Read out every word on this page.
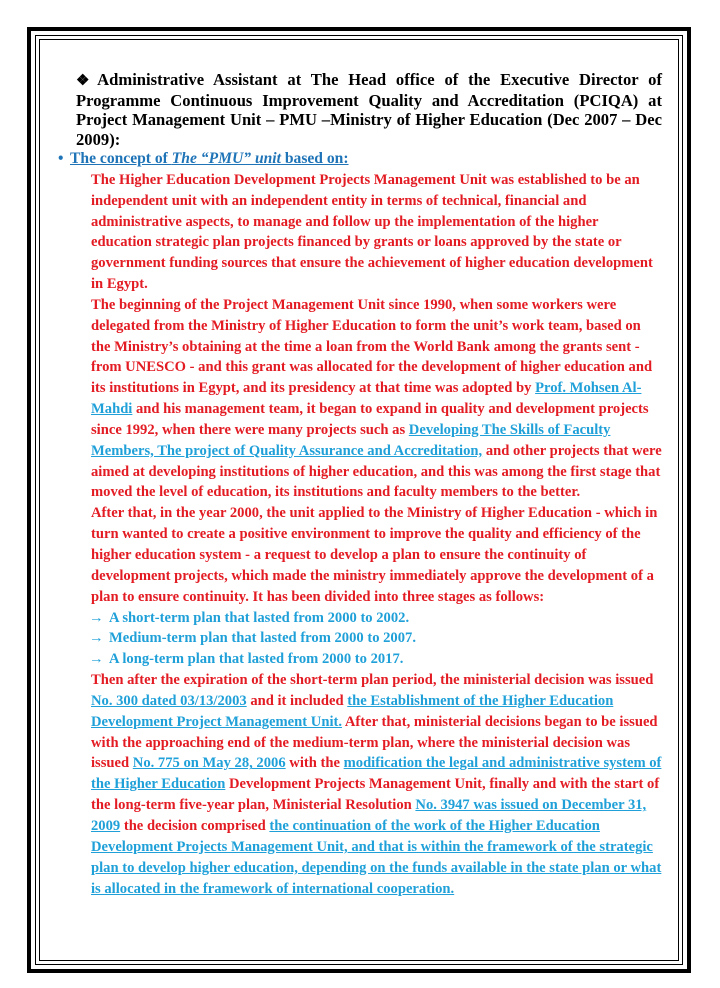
❖ Administrative Assistant at The Head office of the Executive Director of Programme Continuous Improvement Quality and Accreditation (PCIQA) at Project Management Unit – PMU –Ministry of Higher Education (Dec 2007 – Dec 2009):
• The concept of The “PMU” unit based on:

The Higher Education Development Projects Management Unit was established to be an independent unit with an independent entity in terms of technical, financial and administrative aspects, to manage and follow up the implementation of the higher education strategic plan projects financed by grants or loans approved by the state or government funding sources that ensure the achievement of higher education development in Egypt.

The beginning of the Project Management Unit since 1990, when some workers were delegated from the Ministry of Higher Education to form the unit’s work team, based on the Ministry’s obtaining at the time a loan from the World Bank among the grants sent - from UNESCO - and this grant was allocated for the development of higher education and its institutions in Egypt, and its presidency at that time was adopted by Prof. Mohsen Al-Mahdi and his management team, it began to expand in quality and development projects since 1992, when there were many projects such as Developing The Skills of Faculty Members, The project of Quality Assurance and Accreditation, and other projects that were aimed at developing institutions of higher education, and this was among the first stage that moved the level of education, its institutions and faculty members to the better.

After that, in the year 2000, the unit applied to the Ministry of Higher Education - which in turn wanted to create a positive environment to improve the quality and efficiency of the higher education system - a request to develop a plan to ensure the continuity of development projects, which made the ministry immediately approve the development of a plan to ensure continuity. It has been divided into three stages as follows:

→ A short-term plan that lasted from 2000 to 2002.
→ Medium-term plan that lasted from 2000 to 2007.
→ A long-term plan that lasted from 2000 to 2017.

Then after the expiration of the short-term plan period, the ministerial decision was issued No. 300 dated 03/13/2003 and it included the Establishment of the Higher Education Development Project Management Unit. After that, ministerial decisions began to be issued with the approaching end of the medium-term plan, where the ministerial decision was issued No. 775 on May 28, 2006 with the modification the legal and administrative system of the Higher Education Development Projects Management Unit, finally and with the start of the long-term five-year plan, Ministerial Resolution No. 3947 was issued on December 31, 2009 the decision comprised the continuation of the work of the Higher Education Development Projects Management Unit, and that is within the framework of the strategic plan to develop higher education, depending on the funds available in the state plan or what is allocated in the framework of international cooperation.
